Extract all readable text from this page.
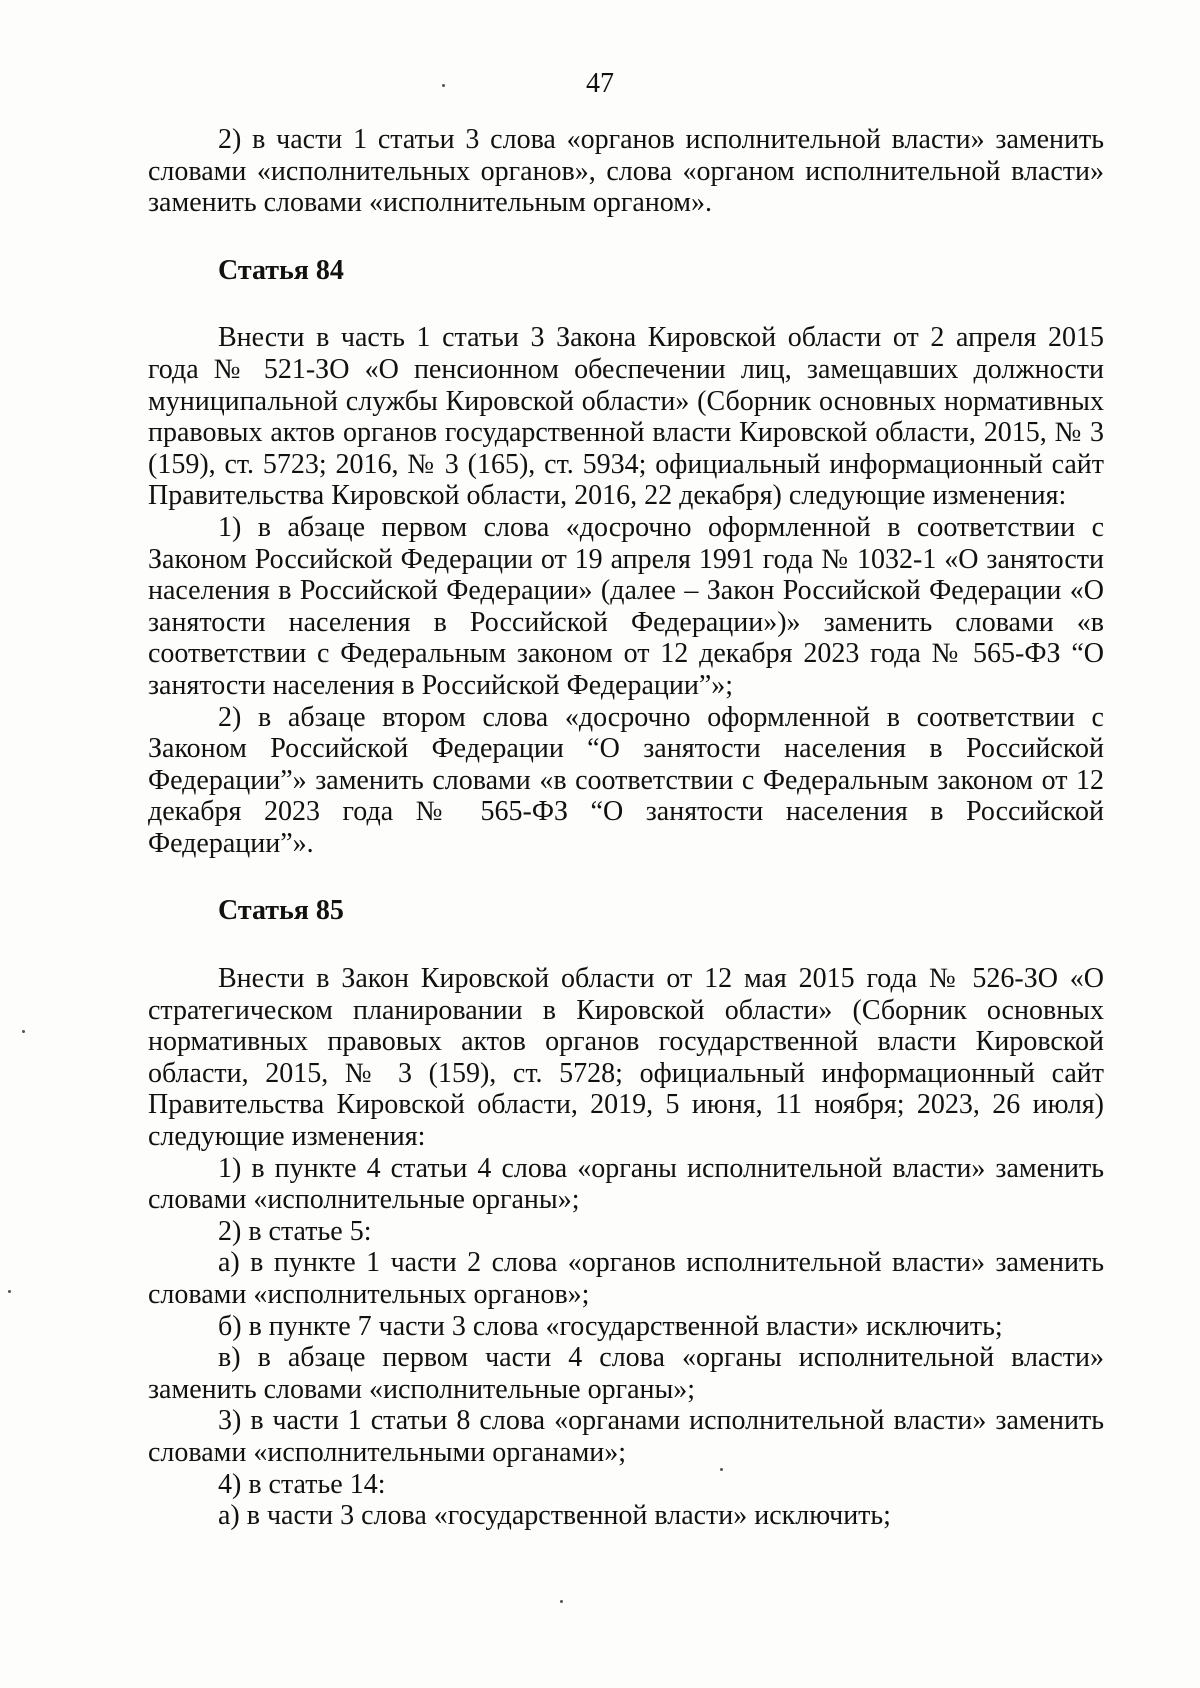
47

2) в части 1 статьи 3 слова «органов исполнительной власти» заменить словами «исполнительных органов», слова «органом исполнительной власти» заменить словами «исполнительным органом».

Статья 84

Внести в часть 1 статьи 3 Закона Кировской области от 2 апреля 2015 года № 521-ЗО «О пенсионном обеспечении лиц, замещавших должности муниципальной службы Кировской области» (Сборник основных нормативных правовых актов органов государственной власти Кировской области, 2015, № 3 (159), ст. 5723; 2016, № 3 (165), ст. 5934; официальный информационный сайт Правительства Кировской области, 2016, 22 декабря) следующие изменения:

1) в абзаце первом слова «досрочно оформленной в соответствии с Законом Российской Федерации от 19 апреля 1991 года № 1032-1 «О занятости населения в Российской Федерации» (далее – Закон Российской Федерации «О занятости населения в Российской Федерации»)» заменить словами «в соответствии с Федеральным законом от 12 декабря 2023 года № 565-ФЗ “О занятости населения в Российской Федерации”»;

2) в абзаце втором слова «досрочно оформленной в соответствии с Законом Российской Федерации “О занятости населения в Российской Федерации”» заменить словами «в соответствии с Федеральным законом от 12 декабря 2023 года № 565-ФЗ “О занятости населения в Российской Федерации”».

Статья 85

Внести в Закон Кировской области от 12 мая 2015 года № 526-ЗО «О стратегическом планировании в Кировской области» (Сборник основных нормативных правовых актов органов государственной власти Кировской области, 2015, № 3 (159), ст. 5728; официальный информационный сайт Правительства Кировской области, 2019, 5 июня, 11 ноября; 2023, 26 июля) следующие изменения:

1) в пункте 4 статьи 4 слова «органы исполнительной власти» заменить словами «исполнительные органы»;

2) в статье 5:

а) в пункте 1 части 2 слова «органов исполнительной власти» заменить словами «исполнительных органов»;

б) в пункте 7 части 3 слова «государственной власти» исключить;

в) в абзаце первом части 4 слова «органы исполнительной власти» заменить словами «исполнительные органы»;

3) в части 1 статьи 8 слова «органами исполнительной власти» заменить словами «исполнительными органами»;

4) в статье 14:

а) в части 3 слова «государственной власти» исключить;
